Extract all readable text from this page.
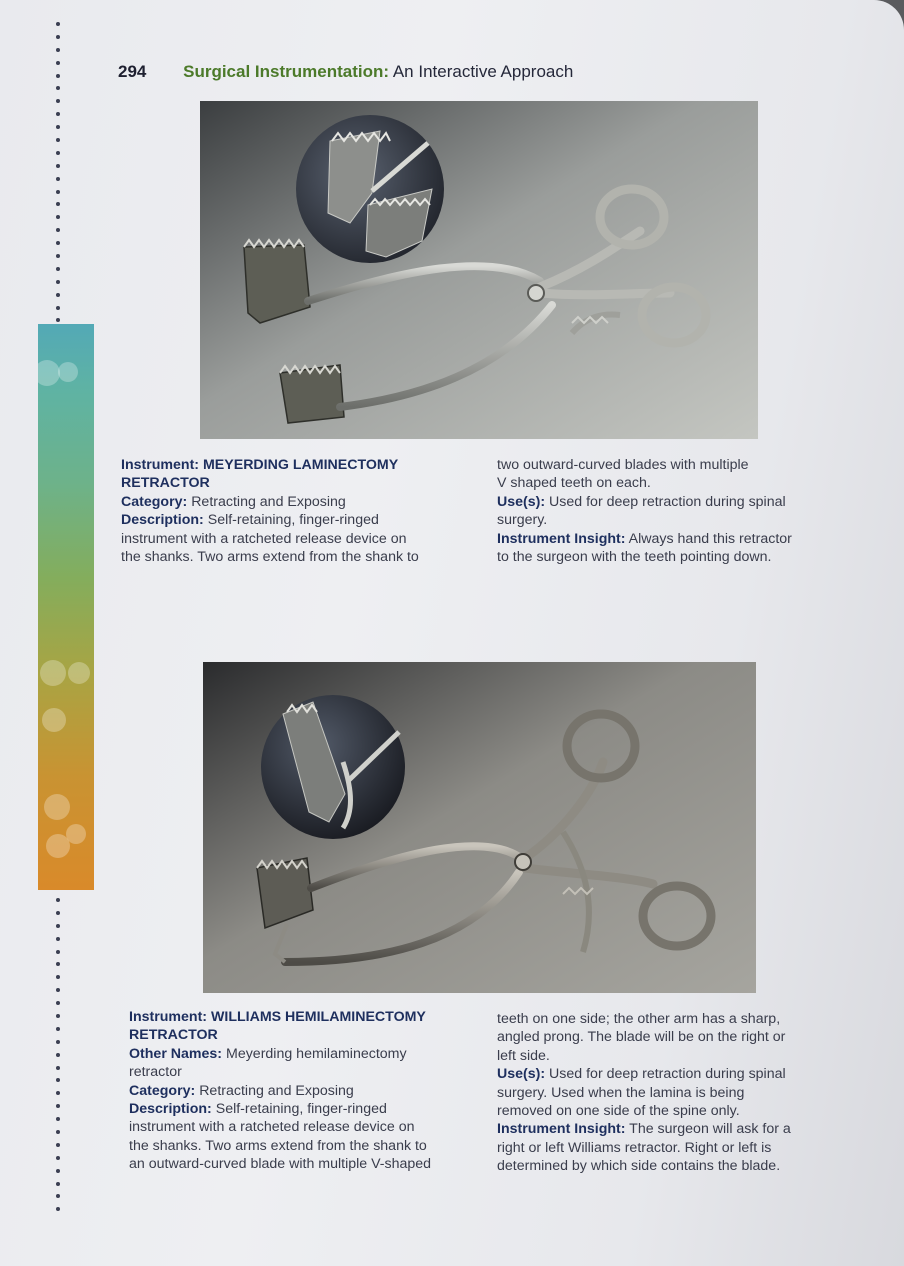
294 Surgical Instrumentation: An Interactive Approach

Instrument: MEYERDING LAMINECTOMY

RETRACTOR

Category: Retracting and Exposing

Description: Self-retaining, finger-ringed

instrument with a ratcheted release device on

the shanks. Two arms extend from the shank to

two outward-curved blades with multiple

V shaped teeth on each.

Use(s): Used for deep retraction during spinal

surgery.

Instrument Insight: Always hand this retractor

to the surgeon with the teeth pointing down.

Instrument: WILLIAMS HEMILAMINECTOMY

RETRACTOR

Other Names: Meyerding hemilaminectomy

retractor

Category: Retracting and Exposing

Description: Self-retaining, finger-ringed

instrument with a ratcheted release device on

the shanks. Two arms extend from the shank to

an outward-curved blade with multiple V-shaped

teeth on one side; the other arm has a sharp,

angled prong. The blade will be on the right or

left side.

Use(s): Used for deep retraction during spinal

surgery. Used when the lamina is being

removed on one side of the spine only.

Instrument Insight: The surgeon will ask for a

right or left Williams retractor. Right or left is

determined by which side contains the blade.
